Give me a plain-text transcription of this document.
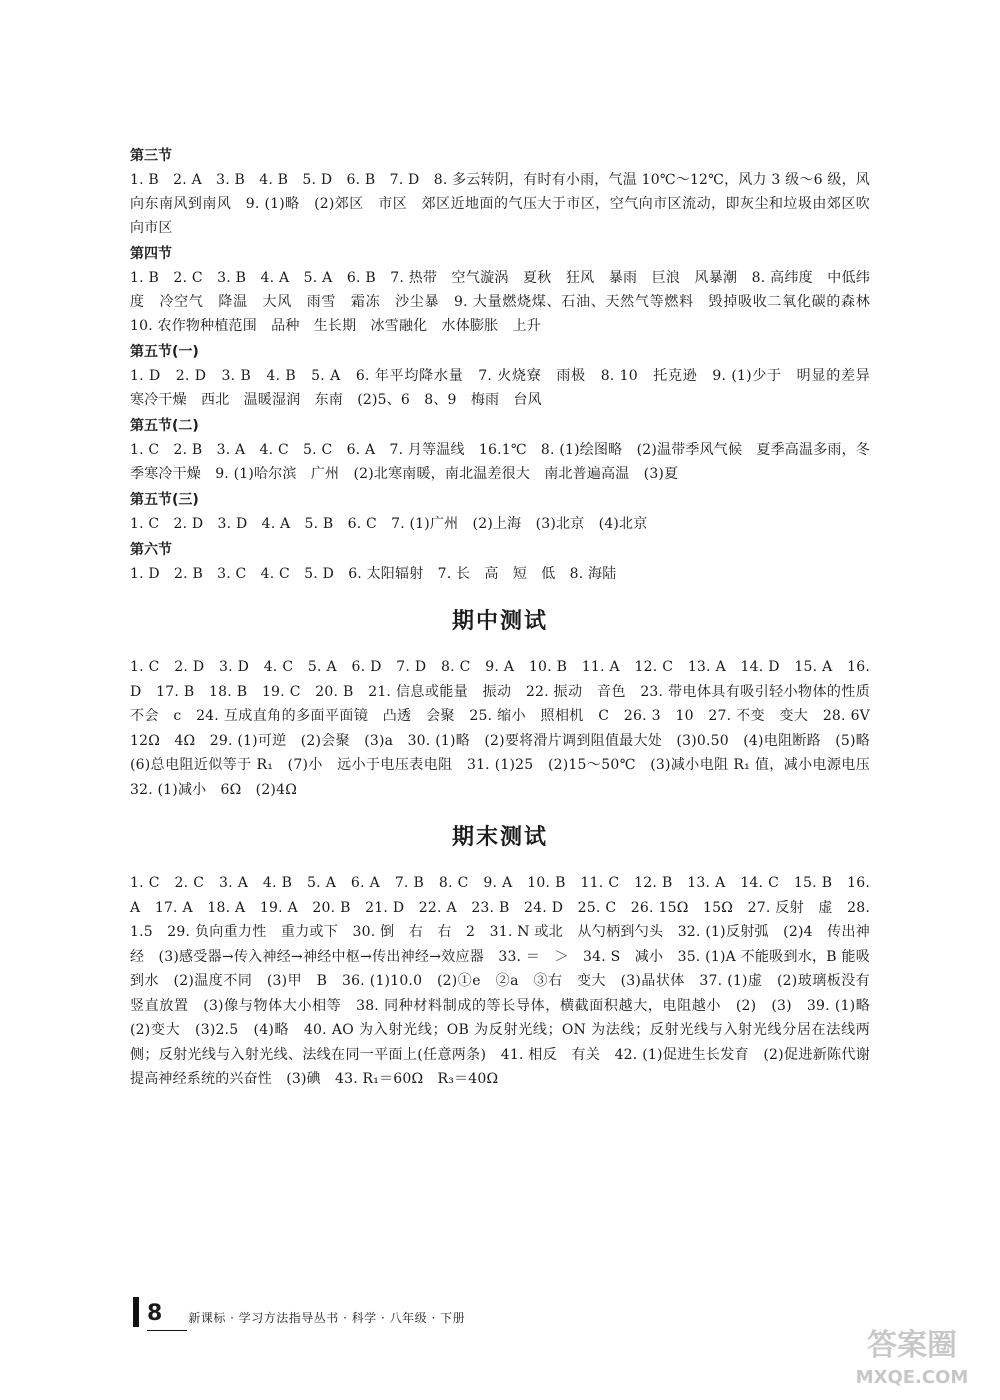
第三节

1. B　2. A　3. B　4. B　5. D　6. B　7. D　8. 多云转阴，有时有小雨，气温 10℃～12℃，风力 3 级～6 级，风向东南风到南风　9. (1)略　(2)郊区　市区　郊区近地面的气压大于市区，空气向市区流动，即灰尘和垃圾由郊区吹向市区

第四节

1. B　2. C　3. B　4. A　5. A　6. B　7. 热带　空气漩涡　夏秋　狂风　暴雨　巨浪　风暴潮　8. 高纬度　中低纬度　冷空气　降温　大风　雨雪　霜冻　沙尘暴　9. 大量燃烧煤、石油、天然气等燃料　毁掉吸收二氧化碳的森林　10. 农作物种植范围　品种　生长期　冰雪融化　水体膨胀　上升

第五节(一)

1. D　2. D　3. B　4. B　5. A　6. 年平均降水量　7. 火烧寮　雨极　8. 10　托克逊　9. (1)少于　明显的差异　寒冷干燥　西北　温暖湿润　东南　(2)5、6　8、9　梅雨　台风

第五节(二)

1. C　2. B　3. A　4. C　5. C　6. A　7. 月等温线　16.1℃　8. (1)绘图略　(2)温带季风气候　夏季高温多雨，冬季寒冷干燥　9. (1)哈尔滨　广州　(2)北寒南暖，南北温差很大　南北普遍高温　(3)夏

第五节(三)

1. C　2. D　3. D　4. A　5. B　6. C　7. (1)广州　(2)上海　(3)北京　(4)北京

第六节

1. D　2. B　3. C　4. C　5. D　6. 太阳辐射　7. 长　高　短　低　8. 海陆

期中测试

1. C　2. D　3. D　4. C　5. A　6. D　7. D　8. C　9. A　10. B　11. A　12. C　13. A　14. D　15. A　16. D　17. B　18. B　19. C　20. B　21. 信息或能量　振动　22. 振动　音色　23. 带电体具有吸引轻小物体的性质　不会　c　24. 互成直角的多面平面镜　凸透　会聚　25. 缩小　照相机　C　26. 3　10　27. 不变　变大　28. 6V　12Ω　4Ω　29. (1)可逆　(2)会聚　(3)a　30. (1)略　(2)要将滑片调到阻值最大处　(3)0.50　(4)电阻断路　(5)略　(6)总电阻近似等于 R₁　(7)小　远小于电压表电阻　31. (1)25　(2)15～50℃　(3)减小电阻 R₁ 值，减小电源电压　32. (1)减小　6Ω　(2)4Ω

期末测试

1. C　2. C　3. A　4. B　5. A　6. A　7. B　8. C　9. A　10. B　11. C　12. B　13. A　14. C　15. B　16. A　17. A　18. A　19. A　20. B　21. D　22. A　23. B　24. D　25. C　26. 15Ω　15Ω　27. 反射　虚　28. 1.5　29. 负向重力性　重力或下　30. 倒　右　右　2　31. N 或北　从勺柄到勺头　32. (1)反射弧　(2)4　传出神经　(3)感受器→传入神经→神经中枢→传出神经→效应器　33. ＝　＞　34. S　减小　35. (1)A 不能吸到水，B 能吸到水　(2)温度不同　(3)甲　B　36. (1)10.0　(2)①e　②a　③右　变大　(3)晶状体　37. (1)虚　(2)玻璃板没有竖直放置　(3)像与物体大小相等　38. 同种材料制成的等长导体，横截面积越大，电阻越小　(2)　(3)　39. (1)略　(2)变大　(3)2.5　(4)略　40. AO 为入射光线；OB 为反射光线；ON 为法线；反射光线与入射光线分居在法线两侧；反射光线与入射光线、法线在同一平面上(任意两条)　41. 相反　有关　42. (1)促进生长发育　(2)促进新陈代谢　提高神经系统的兴奋性　(3)碘　43. R₁＝60Ω　R₃＝40Ω

8 新课标 · 学习方法指导丛书 · 科学 · 八年级 · 下册
答案圈
MXQE.COM
